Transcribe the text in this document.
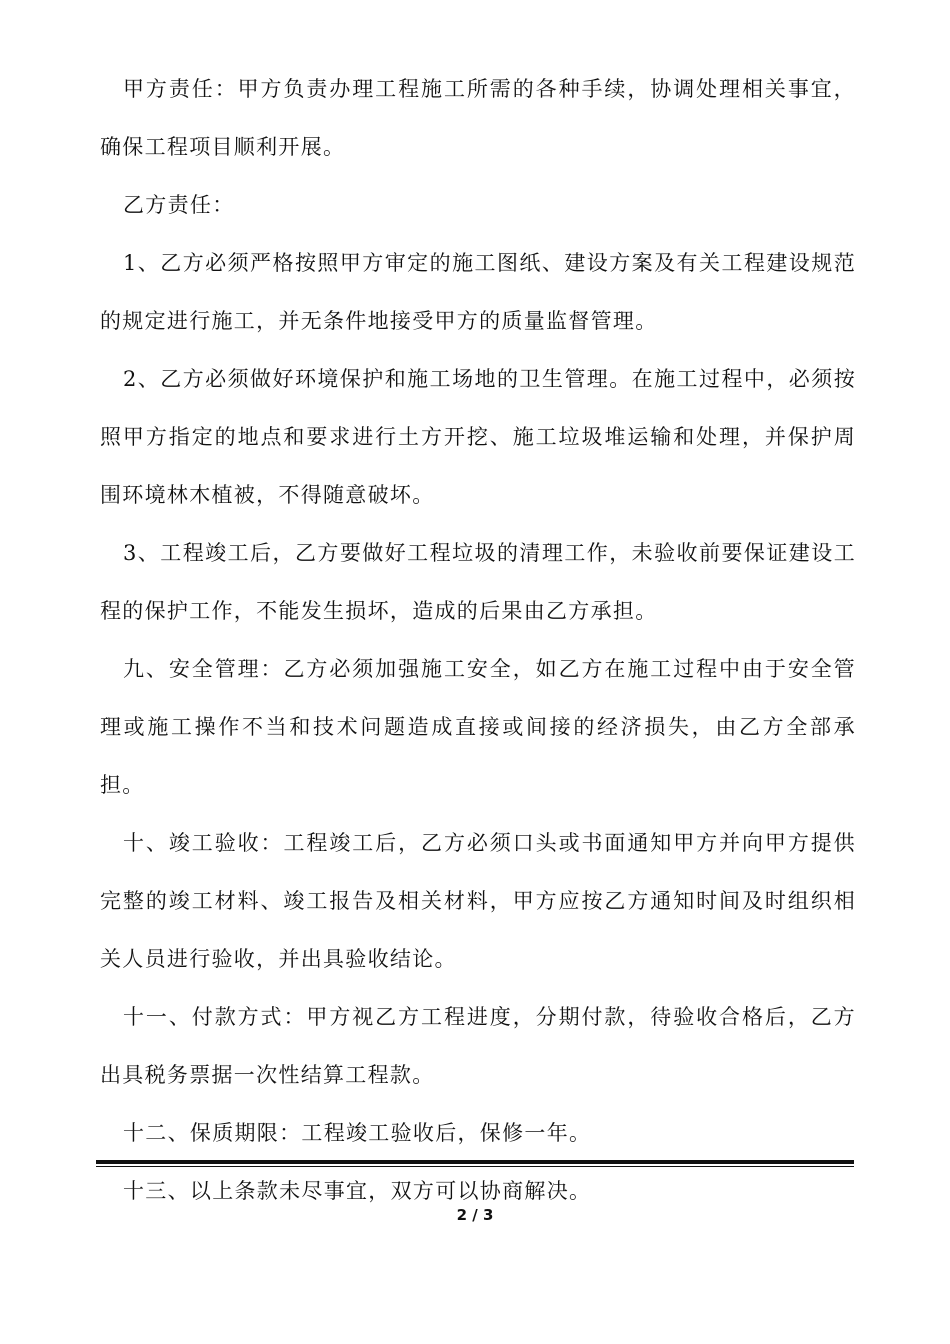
甲方责任：甲方负责办理工程施工所需的各种手续，协调处理相关事宜，确保工程项目顺利开展。

乙方责任：

1、乙方必须严格按照甲方审定的施工图纸、建设方案及有关工程建设规范的规定进行施工，并无条件地接受甲方的质量监督管理。

2、乙方必须做好环境保护和施工场地的卫生管理。在施工过程中，必须按照甲方指定的地点和要求进行土方开挖、施工垃圾堆运输和处理，并保护周围环境林木植被，不得随意破坏。

3、工程竣工后，乙方要做好工程垃圾的清理工作，未验收前要保证建设工程的保护工作，不能发生损坏，造成的后果由乙方承担。

九、安全管理：乙方必须加强施工安全，如乙方在施工过程中由于安全管理或施工操作不当和技术问题造成直接或间接的经济损失，由乙方全部承担。

十、竣工验收：工程竣工后，乙方必须口头或书面通知甲方并向甲方提供完整的竣工材料、竣工报告及相关材料，甲方应按乙方通知时间及时组织相关人员进行验收，并出具验收结论。

十一、付款方式：甲方视乙方工程进度，分期付款，待验收合格后，乙方出具税务票据一次性结算工程款。

十二、保质期限：工程竣工验收后，保修一年。

十三、以上条款未尽事宜，双方可以协商解决。

2 / 3
